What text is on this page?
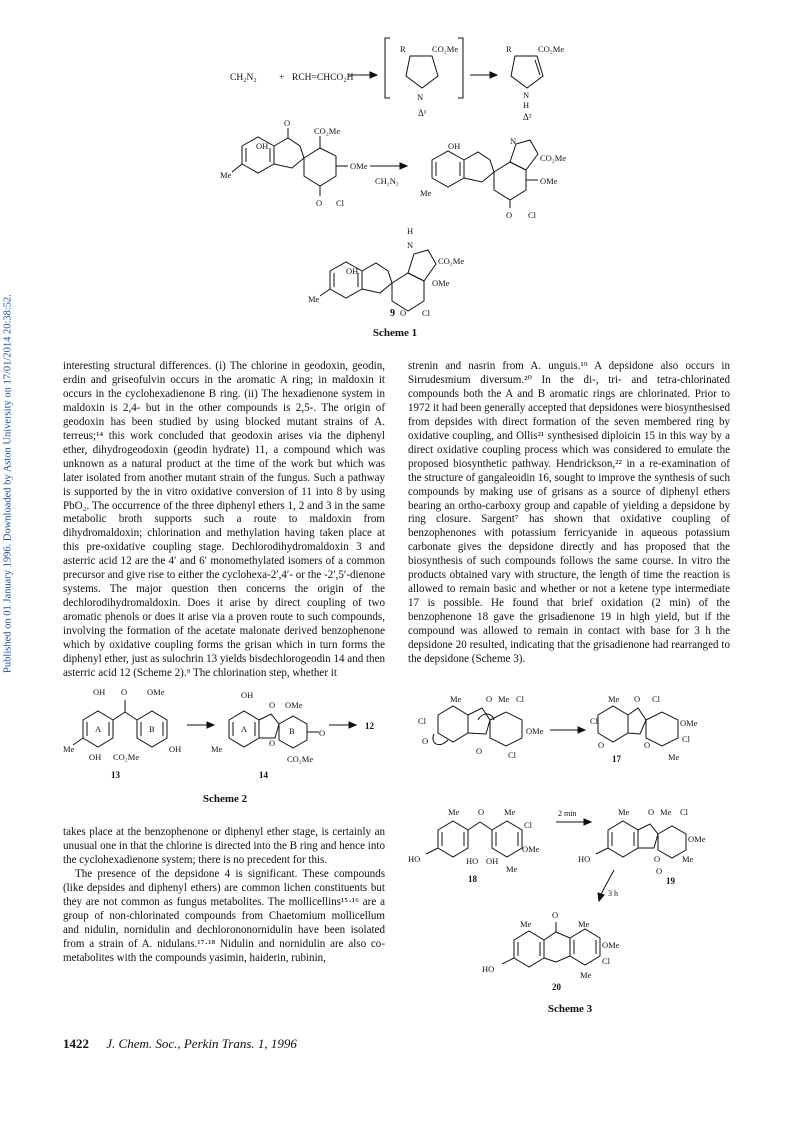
Published on 01 January 1996. Downloaded by Aston University on 17/01/2014 20:38:52.
CH₂N₂ + RCH=CHCO₂H
R	CO₂Me
N
Δ¹
R	CO₂Me
N
H
Δ²
OH
O
CO₂Me
OMe
Me
O Cl
CH₂N₂
OH
CO₂Me
OMe
Me
O Cl
N
OH
H
N
CO₂Me
OMe
Me
O Cl
9
Scheme 1

interesting structural differences. (i) The chlorine in geodoxin, geodin, erdin and griseofulvin occurs in the aromatic A ring; in maldoxin it occurs in the cyclohexadienone B ring. (ii) The hexadienone system in maldoxin is 2,4- but in the other compounds is 2,5-. The origin of geodoxin has been studied by using blocked mutant strains of A. terreus;¹⁴ this work concluded that geodoxin arises via the diphenyl ether, dihydrogeodoxin (geodin hydrate) 11, a compound which was unknown as a natural product at the time of the work but which was later isolated from another mutant strain of the fungus. Such a pathway is supported by the in vitro oxidative conversion of 11 into 8 by using PbO₂. The occurrence of the three diphenyl ethers 1, 2 and 3 in the same metabolic broth supports such a route to maldoxin from dihydromaldoxin; chlorination and methylation having taken place at this pre-oxidative coupling stage. Dechlorodihydromaldoxin 3 and asterric acid 12 are the 4′ and 6′ monomethylated isomers of a common precursor and give rise to either the cyclohexa-2′,4′- or the -2′,5′-dienone systems. The major question then concerns the origin of the dechlorodihydromaldoxin. Does it arise by direct coupling of two aromatic phenols or does it arise via a proven route to such compounds, involving the formation of the acetate malonate derived benzophenone which by oxidative coupling forms the grisan which in turn forms the diphenyl ether, just as sulochrin 13 yields bisdechlorogeodin 14 and then asterric acid 12 (Scheme 2).⁹ The chlorination step, whether it

OH O OMe
A	B
Me
OH CO₂Me
OH
OH
O OMe
A	B
Me
O
O
CO₂Me
13	14
12
Scheme 2

takes place at the benzophenone or diphenyl ether stage, is certainly an unusual one in that the chlorine is directed into the B ring and hence into the cyclohexadienone system; there is no precedent for this.

The presence of the depsidone 4 is significant. These compounds (like depsides and diphenyl ethers) are common lichen constituents but they are not common as fungus metabolites. The mollicellins¹⁵·¹⁶ are a group of non-chlorinated compounds from Chaetomium mollicellum and nidulin, nornidulin and dechlorononornidulin have been isolated from a strain of A. nidulans.¹⁷·¹⁸ Nidulin and nornidulin are also co-metabolites with the compounds yasimin, haiderin, rubinin,

strenin and nasrin from A. unguis.¹⁹ A depsidone also occurs in Sirrudesmium diversum.²⁰ In the di-, tri- and tetra-chlorinated compounds both the A and B aromatic rings are chlorinated. Prior to 1972 it had been generally accepted that depsidones were biosynthesised from depsides with direct formation of the seven membered ring by oxidative coupling, and Ollis²¹ synthesised diploicin 15 in this way by a direct oxidative coupling process which was considered to emulate the proposed biosynthetic pathway. Hendrickson,²² in a re-examination of the structure of gangaleoidin 16, sought to improve the synthesis of such compounds by making use of grisans as a source of diphenyl ethers bearing an ortho-carboxy group and capable of yielding a depsidone by ring closure. Sargent⁷ has shown that oxidative coupling of benzophenones with potassium ferricyanide in aqueous potassium carbonate gives the depsidone directly and has proposed that the biosynthesis of such compounds follows the same course. In vitro the products obtained vary with structure, the length of time the reaction is allowed to remain basic and whether or not a ketene type intermediate 17 is possible. He found that brief oxidation (2 min) of the benzophenone 18 gave the grisadienone 19 in high yield, but if the compound was allowed to remain in contact with base for 3 h the depsidone 20 resulted, indicating that the grisadienone had rearranged to the depsidone (Scheme 3).

Me	O Me Cl
Cl
OMe
O
O	Cl
Me O Cl
Cl	OMe
O	O
Cl
Me
17
Me O Me
Cl
HO	HO OH
OMe
Me
18
2 min	Me O Me Cl
OMe
HO	O	Me
O
19
3 h
Me
O
Me
OMe
Cl
HO
Me
20
Scheme 3
1422 J. Chem. Soc., Perkin Trans. 1, 1996
